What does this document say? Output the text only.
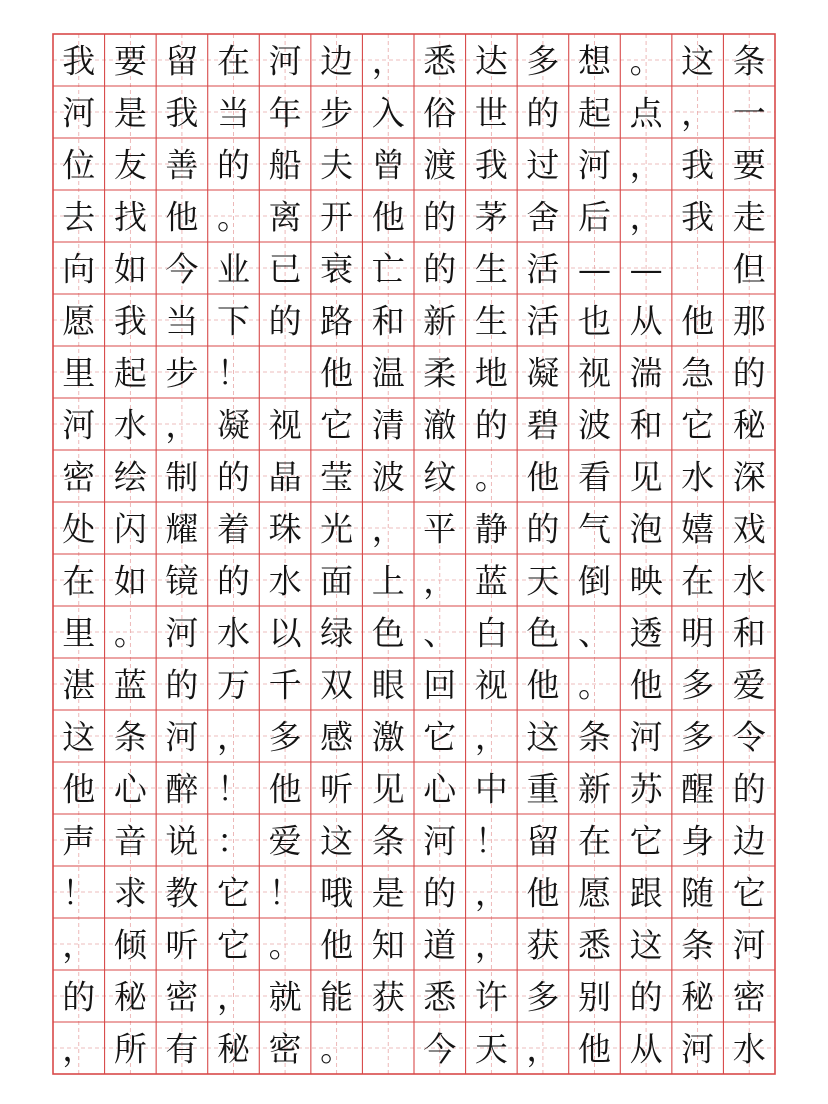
我 要 留 在 河 边 ， 悉 达 多 想 。 这 条
河 是 我 当 年 步 入 俗 世 的 起 点 ， 一
位 友 善 的 船 夫 曾 渡 我 过 河 ， 我 要
去 找 他 。 离 开 他 的 茅 舍 后 ， 我 走
向 如 今 业 已 衰 亡 的 生 活 — — 但
愿 我 当 下 的 路 和 新 生 活 也 从 他 那
里 起 步 ！ 他 温 柔 地 凝 视 湍 急 的
河 水 ， 凝 视 它 清 澈 的 碧 波 和 它 秘
密 绘 制 的 晶 莹 波 纹 。 他 看 见 水 深
处 闪 耀 着 珠 光 ， 平 静 的 气 泡 嬉 戏
在 如 镜 的 水 面 上 ， 蓝 天 倒 映 在 水
里 。 河 水 以 绿 色 、 白 色 、 透 明 和
湛 蓝 的 万 千 双 眼 回 视 他 。 他 多 爱
这 条 河 ， 多 感 激 它 ， 这 条 河 多 令
他 心 醉 ！ 他 听 见 心 中 重 新 苏 醒 的
声 音 说 ： 爱 这 条 河 ！ 留 在 它 身 边
！ 求 教 它 ！ 哦 是 的 ， 他 愿 跟 随 它
， 倾 听 它 。 他 知 道 ， 获 悉 这 条 河
的 秘 密 ， 就 能 获 悉 许 多 别 的 秘 密
， 所 有 秘 密 。 今 天 ， 他 从 河 水
